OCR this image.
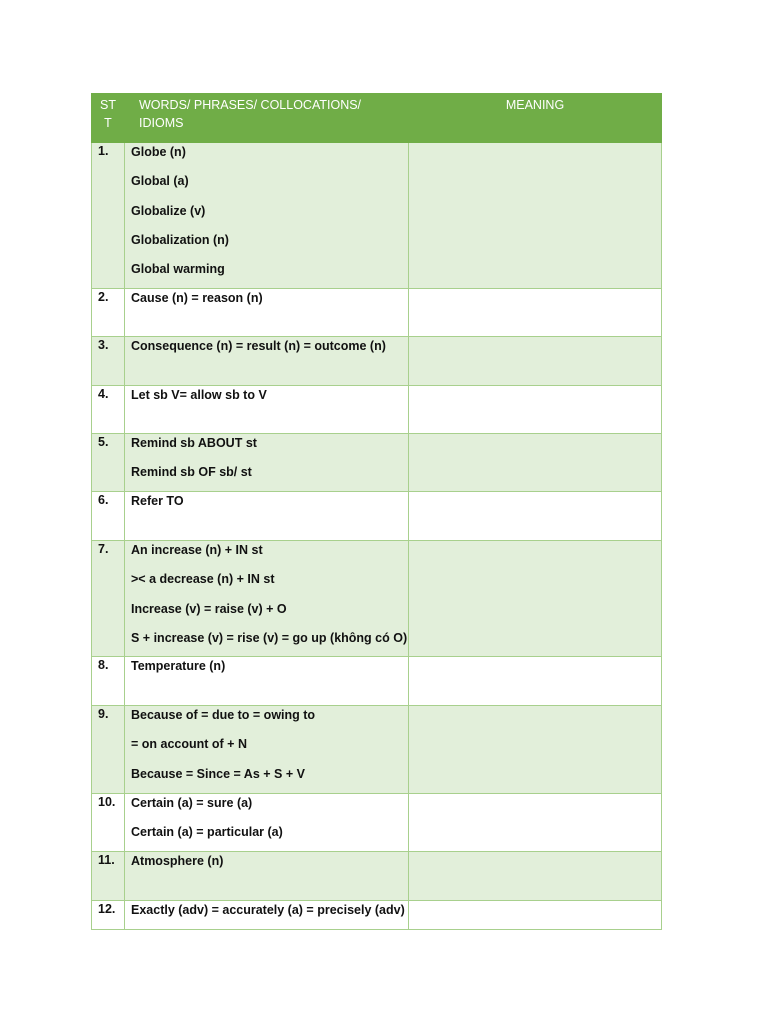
ST
T	WORDS/ PHRASES/ COLLOCATIONS/ IDIOMS	MEANING
1.	Globe (n)
Global (a)
Globalize (v)
Globalization (n)
Global warming	

2.	Cause (n) = reason (n)	

3.	Consequence (n) = result (n) = outcome (n)	

4.	Let sb V= allow sb to V	

5.	Remind sb ABOUT st
Remind sb OF sb/ st	

6.	Refer TO	

7.	An increase (n) + IN st
>< a decrease (n) + IN st
Increase (v) = raise (v) + O
S + increase (v) = rise (v) = go up (không có O)	

8.	Temperature (n)	

9.	Because of = due to = owing to
= on account of + N
Because = Since = As + S + V	

10.	Certain (a) = sure (a)
Certain (a) = particular (a)	

11.	Atmosphere (n)	

12.	Exactly (adv) = accurately (a) = precisely (adv)	
